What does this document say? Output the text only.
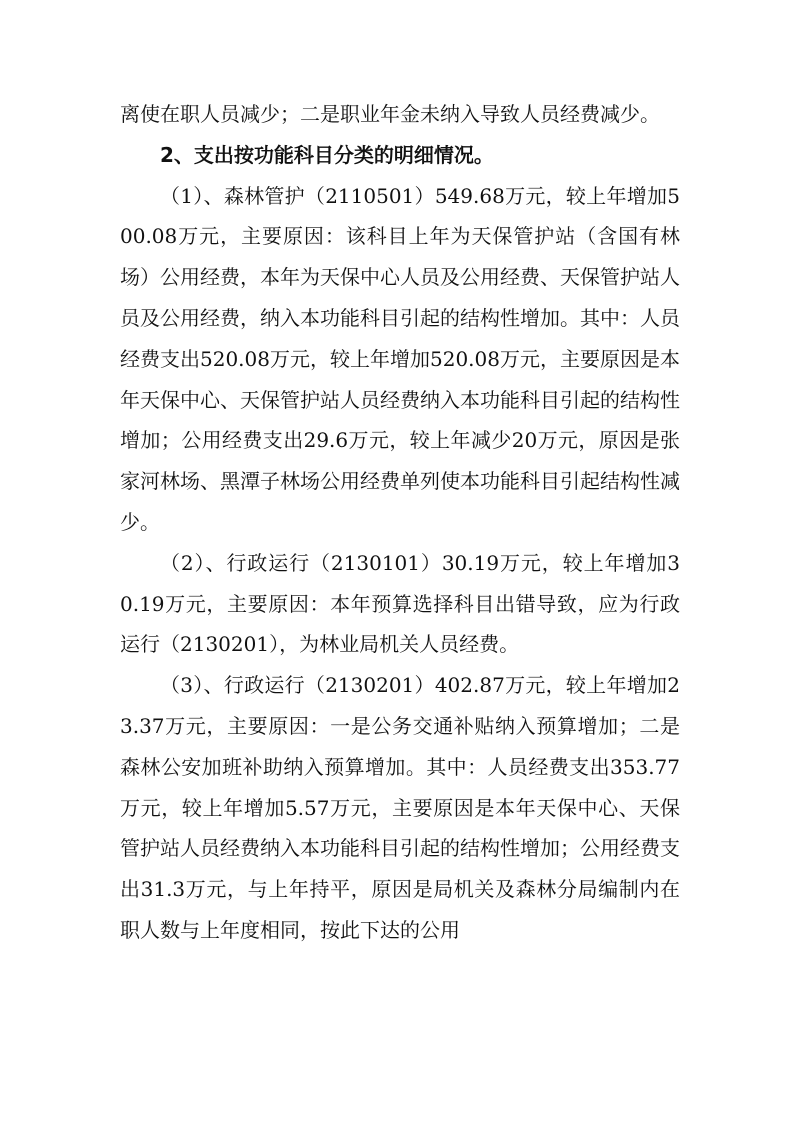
离使在职人员减少；二是职业年金未纳入导致人员经费减少。

2、支出按功能科目分类的明细情况。

（1）、森林管护（2110501）549.68万元，较上年增加500.08万元，主要原因：该科目上年为天保管护站（含国有林场）公用经费，本年为天保中心人员及公用经费、天保管护站人员及公用经费，纳入本功能科目引起的结构性增加。其中：人员经费支出520.08万元，较上年增加520.08万元，主要原因是本年天保中心、天保管护站人员经费纳入本功能科目引起的结构性增加；公用经费支出29.6万元，较上年减少20万元，原因是张家河林场、黑潭子林场公用经费单列使本功能科目引起结构性减少。

（2）、行政运行（2130101）30.19万元，较上年增加30.19万元，主要原因：本年预算选择科目出错导致，应为行政运行（2130201），为林业局机关人员经费。

（3）、行政运行（2130201）402.87万元，较上年增加23.37万元，主要原因：一是公务交通补贴纳入预算增加；二是森林公安加班补助纳入预算增加。其中：人员经费支出353.77万元，较上年增加5.57万元，主要原因是本年天保中心、天保管护站人员经费纳入本功能科目引起的结构性增加；公用经费支出31.3万元，与上年持平，原因是局机关及森林分局编制内在职人数与上年度相同，按此下达的公用
